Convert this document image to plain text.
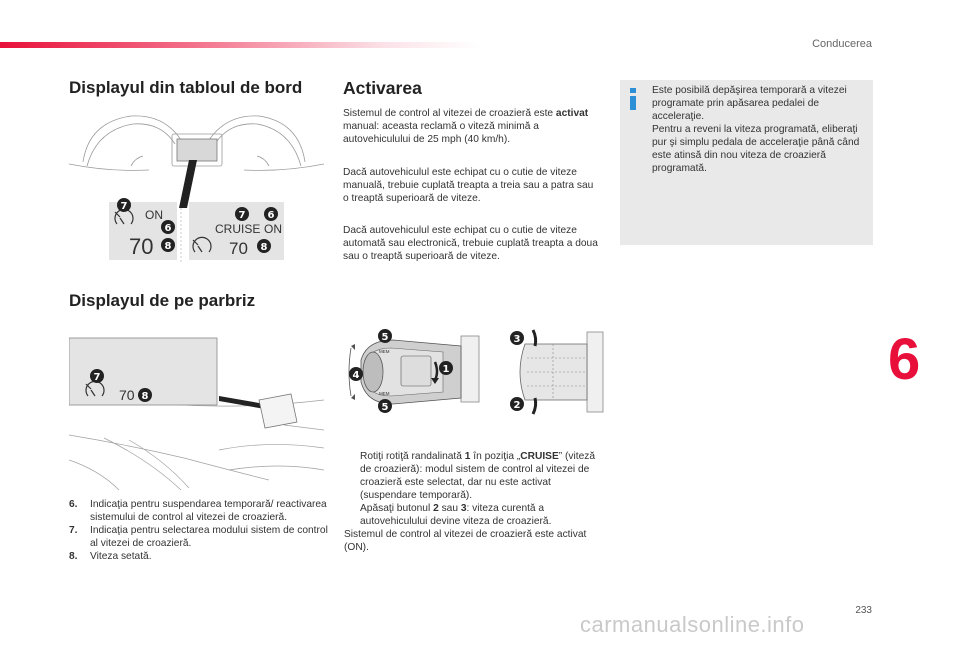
Conducerea
Displayul din tabloul de bord
ON
70
7
6
8
CRUISE ON
70
7 6
8
Displayul de pe parbriz
70
7
8
6.	Indicaţia pentru suspendarea temporară/ reactivarea sistemului de control al vitezei de croazieră.
7.	Indicaţia pentru selectarea modului sistem de control al vitezei de croazieră.
8.	Viteza setată.
Activarea

Sistemul de control al vitezei de croazieră este activat manual: aceasta reclamă o viteză minimă a autovehiculului de 25 mph (40 km/h).

Dacă autovehiculul este echipat cu o cutie de viteze manuală, trebuie cuplată treapta a treia sau a patra sau o treaptă superioară de viteze.

Dacă autovehiculul este echipat cu o cutie de viteze automată sau electronică, trebuie cuplată treapta a doua sau o treaptă superioară de viteze.

MEM
MEM
5
4
1
5
3
2
Rotiţi rotiţă randalinată 1 în poziţia „CRUISE” (viteză de croazieră): modul sistem de control al vitezei de croazieră este selectat, dar nu este activat (suspendare temporară).
Apăsaţi butonul 2 sau 3: viteza curentă a autovehiculului devine viteza de croazieră.
Sistemul de control al vitezei de croazieră este activat (ON).
Este posibilă depăşirea temporară a vitezei programate prin apăsarea pedalei de acceleraţie.
Pentru a reveni la viteza programată, eliberaţi pur şi simplu pedala de acceleraţie până când este atinsă din nou viteza de croazieră programată.
6
233
carmanualsonline.info
